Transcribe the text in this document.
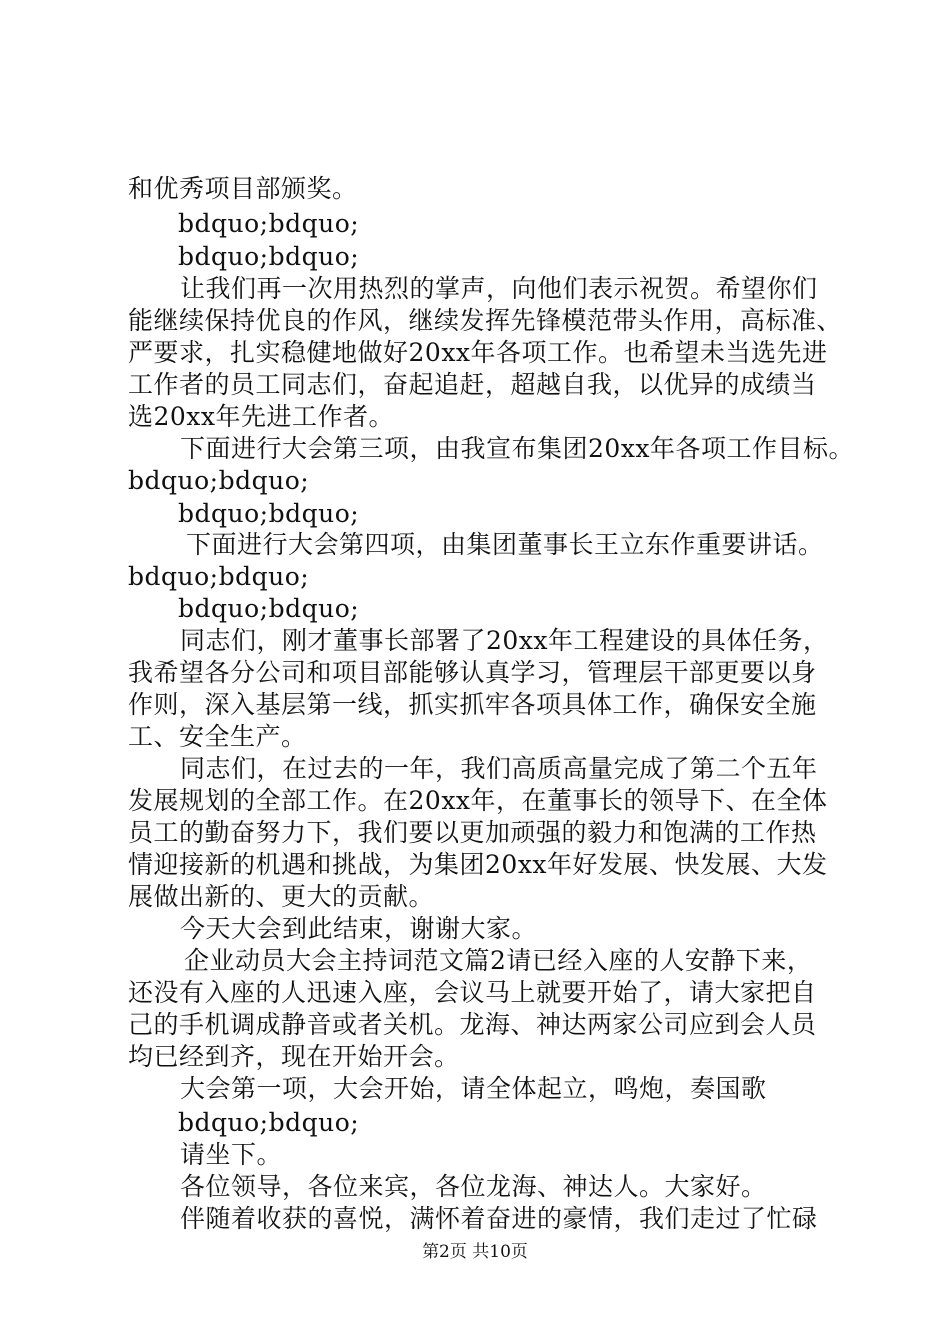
和优秀项目部颁奖。
bdquo;bdquo;
bdquo;bdquo;
让我们再一次用热烈的掌声，向他们表示祝贺。希望你们
能继续保持优良的作风，继续发挥先锋模范带头作用，高标准、
严要求，扎实稳健地做好20xx年各项工作。也希望未当选先进
工作者的员工同志们，奋起追赶，超越自我，以优异的成绩当
选20xx年先进工作者。
下面进行大会第三项，由我宣布集团20xx年各项工作目标。
bdquo;bdquo;
bdquo;bdquo;
下面进行大会第四项，由集团董事长王立东作重要讲话。
bdquo;bdquo;
bdquo;bdquo;
同志们，刚才董事长部署了20xx年工程建设的具体任务，
我希望各分公司和项目部能够认真学习，管理层干部更要以身
作则，深入基层第一线，抓实抓牢各项具体工作，确保安全施
工、安全生产。
同志们，在过去的一年，我们高质高量完成了第二个五年
发展规划的全部工作。在20xx年，在董事长的领导下、在全体
员工的勤奋努力下，我们要以更加顽强的毅力和饱满的工作热
情迎接新的机遇和挑战，为集团20xx年好发展、快发展、大发
展做出新的、更大的贡献。
今天大会到此结束，谢谢大家。
企业动员大会主持词范文篇2请已经入座的人安静下来，
还没有入座的人迅速入座，会议马上就要开始了，请大家把自
己的手机调成静音或者关机。龙海、神达两家公司应到会人员
均已经到齐，现在开始开会。
大会第一项，大会开始，请全体起立，鸣炮，奏国歌
bdquo;bdquo;
请坐下。
各位领导，各位来宾，各位龙海、神达人。大家好。
伴随着收获的喜悦，满怀着奋进的豪情，我们走过了忙碌
第2页 共10页
